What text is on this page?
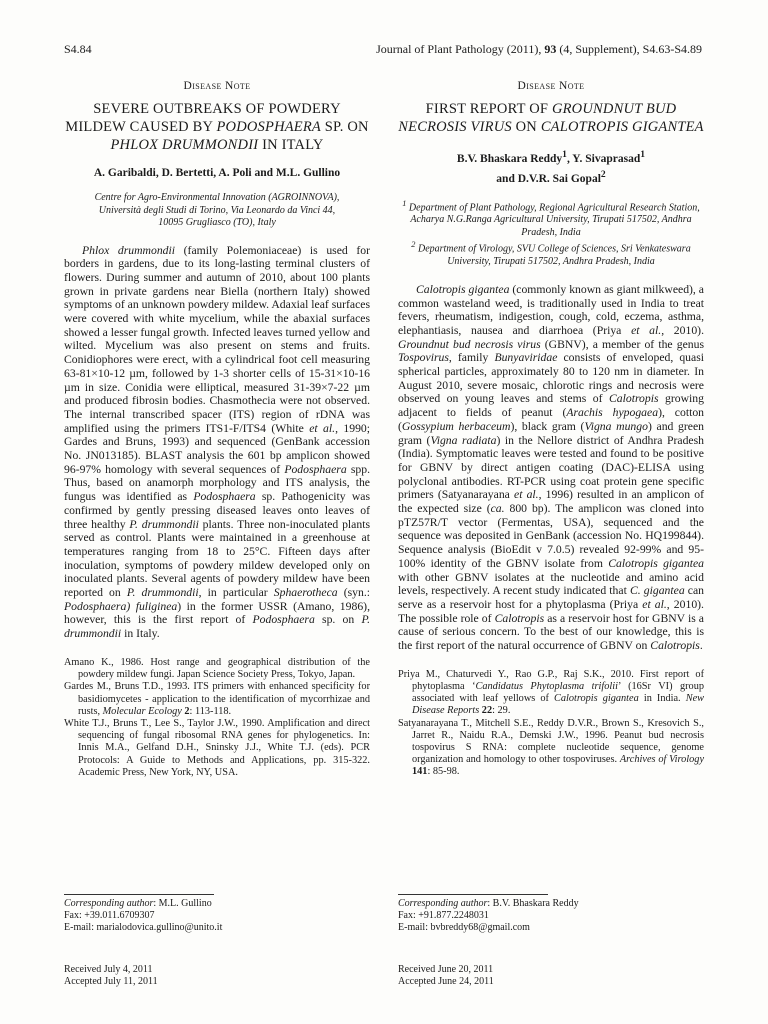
S4.84	Journal of Plant Pathology (2011), 93 (4, Supplement), S4.63-S4.89
Disease Note
SEVERE OUTBREAKS OF POWDERY MILDEW CAUSED BY PODOSPHAERA SP. ON PHLOX DRUMMONDII IN ITALY
A. Garibaldi, D. Bertetti, A. Poli and M.L. Gullino
Centre for Agro-Environmental Innovation (AGROINNOVA),
Università degli Studi di Torino, Via Leonardo da Vinci 44,
10095 Grugliasco (TO), Italy

Phlox drummondii (family Polemoniaceae) is used for borders in gardens, due to its long-lasting terminal clusters of flowers. During summer and autumn of 2010, about 100 plants grown in private gardens near Biella (northern Italy) showed symptoms of an unknown powdery mildew. Adaxial leaf surfaces were covered with white mycelium, while the abaxial surfaces showed a lesser fungal growth. Infected leaves turned yellow and wilted. Mycelium was also present on stems and fruits. Conidiophores were erect, with a cylindrical foot cell measuring 63-81×10-12 µm, followed by 1-3 shorter cells of 15-31×10-16 µm in size. Conidia were elliptical, measured 31-39×7-22 µm and produced fibrosin bodies. Chasmothecia were not observed. The internal transcribed spacer (ITS) region of rDNA was amplified using the primers ITS1-F/ITS4 (White et al., 1990; Gardes and Bruns, 1993) and sequenced (GenBank accession No. JN013185). BLAST analysis the 601 bp amplicon showed 96-97% homology with several sequences of Podosphaera spp. Thus, based on anamorph morphology and ITS analysis, the fungus was identified as Podosphaera sp. Pathogenicity was confirmed by gently pressing diseased leaves onto leaves of three healthy P. drummondii plants. Three non-inoculated plants served as control. Plants were maintained in a greenhouse at temperatures ranging from 18 to 25°C. Fifteen days after inoculation, symptoms of powdery mildew developed only on inoculated plants. Several agents of powdery mildew have been reported on P. drummondii, in particular Sphaerotheca (syn.: Podosphaera) fuliginea) in the former USSR (Amano, 1986), however, this is the first report of Podosphaera sp. on P. drummondii in Italy.

Amano K., 1986. Host range and geographical distribution of the powdery mildew fungi. Japan Science Society Press, Tokyo, Japan.

Gardes M., Bruns T.D., 1993. ITS primers with enhanced specificity for basidiomycetes - application to the identification of mycorrhizae and rusts, Molecular Ecology 2: 113-118.

White T.J., Bruns T., Lee S., Taylor J.W., 1990. Amplification and direct sequencing of fungal ribosomal RNA genes for phylogenetics. In: Innis M.A., Gelfand D.H., Sninsky J.J., White T.J. (eds). PCR Protocols: A Guide to Methods and Applications, pp. 315-322. Academic Press, New York, NY, USA.

Disease Note
FIRST REPORT OF GROUNDNUT BUD NECROSIS VIRUS ON CALOTROPIS GIGANTEA
B.V. Bhaskara Reddy$^1$, Y. Sivaprasad$^1$
and D.V.R. Sai Gopal$^2$
$^1$ Department of Plant Pathology, Regional Agricultural Research Station, Acharya N.G.Ranga Agricultural University, Tirupati 517502, Andhra Pradesh, India
$^2$ Department of Virology, SVU College of Sciences, Sri Venkateswara University, Tirupati 517502, Andhra Pradesh, India

Calotropis gigantea (commonly known as giant milkweed), a common wasteland weed, is traditionally used in India to treat fevers, rheumatism, indigestion, cough, cold, eczema, asthma, elephantiasis, nausea and diarrhoea (Priya et al., 2010). Groundnut bud necrosis virus (GBNV), a member of the genus Tospovirus, family Bunyaviridae consists of enveloped, quasi spherical particles, approximately 80 to 120 nm in diameter. In August 2010, severe mosaic, chlorotic rings and necrosis were observed on young leaves and stems of Calotropis growing adjacent to fields of peanut (Arachis hypogaea), cotton (Gossypium herbaceum), black gram (Vigna mungo) and green gram (Vigna radiata) in the Nellore district of Andhra Pradesh (India). Symptomatic leaves were tested and found to be positive for GBNV by direct antigen coating (DAC)-ELISA using polyclonal antibodies. RT-PCR using coat protein gene specific primers (Satyanarayana et al., 1996) resulted in an amplicon of the expected size (ca. 800 bp). The amplicon was cloned into pTZ57R/T vector (Fermentas, USA), sequenced and the sequence was deposited in GenBank (accession No. HQ199844). Sequence analysis (BioEdit v 7.0.5) revealed 92-99% and 95-100% identity of the GBNV isolate from Calotropis gigantea with other GBNV isolates at the nucleotide and amino acid levels, respectively. A recent study indicated that C. gigantea can serve as a reservoir host for a phytoplasma (Priya et al., 2010). The possible role of Calotropis as a reservoir host for GBNV is a cause of serious concern. To the best of our knowledge, this is the first report of the natural occurrence of GBNV on Calotropis.

Priya M., Chaturvedi Y., Rao G.P., Raj S.K., 2010. First report of phytoplasma ‘Candidatus Phytoplasma trifolii’ (16Sr VI) group associated with leaf yellows of Calotropis gigantea in India. New Disease Reports 22: 29.

Satyanarayana T., Mitchell S.E., Reddy D.V.R., Brown S., Kresovich S., Jarret R., Naidu R.A., Demski J.W., 1996. Peanut bud necrosis tospovirus S RNA: complete nucleotide sequence, genome organization and homology to other tospoviruses. Archives of Virology 141: 85-98.

Corresponding author: M.L. Gullino
Fax: +39.011.6709307
E-mail: marialodovica.gullino@unito.it
Corresponding author: B.V. Bhaskara Reddy
Fax: +91.877.2248031
E-mail: bvbreddy68@gmail.com
Received July 4, 2011
Accepted July 11, 2011
Received June 20, 2011
Accepted June 24, 2011
